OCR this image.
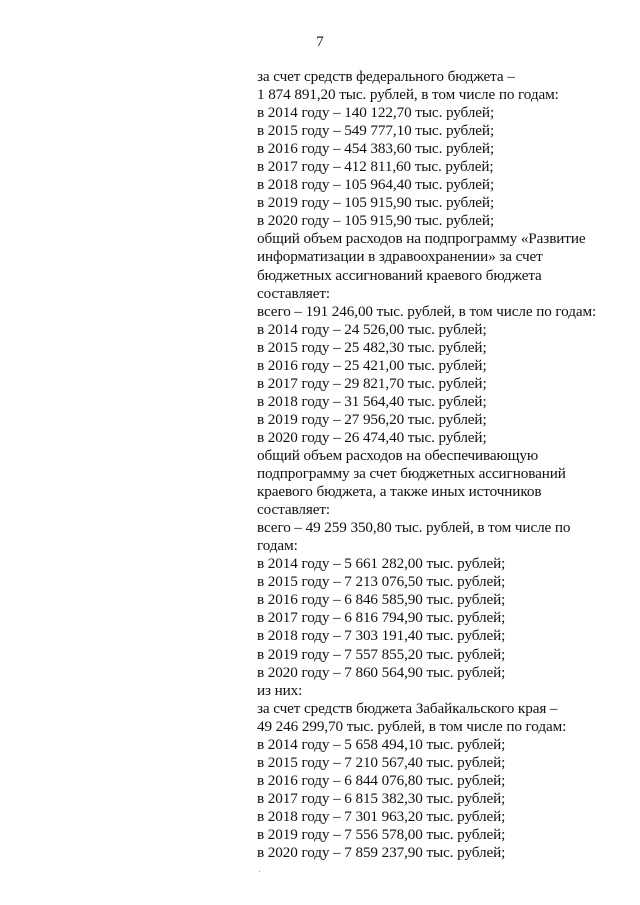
7
за счет средств федерального бюджета –
1 874 891,20 тыс. рублей, в том числе по годам:
в 2014 году – 140 122,70 тыс. рублей;
в 2015 году – 549 777,10 тыс. рублей;
в 2016 году – 454 383,60 тыс. рублей;
в 2017 году – 412 811,60 тыс. рублей;
в 2018 году – 105 964,40 тыс. рублей;
в 2019 году – 105 915,90 тыс. рублей;
в 2020 году – 105 915,90 тыс. рублей;
общий объем расходов на подпрограмму «Развитие
информатизации в здравоохранении» за счет
бюджетных ассигнований краевого бюджета
составляет:
всего – 191 246,00 тыс. рублей, в том числе по годам:
в 2014 году – 24 526,00 тыс. рублей;
в 2015 году – 25 482,30 тыс. рублей;
в 2016 году – 25 421,00 тыс. рублей;
в 2017 году – 29 821,70 тыс. рублей;
в 2018 году – 31 564,40 тыс. рублей;
в 2019 году – 27 956,20 тыс. рублей;
в 2020 году – 26 474,40 тыс. рублей;
общий объем расходов на обеспечивающую
подпрограмму за счет бюджетных ассигнований
краевого бюджета, а также иных источников
составляет:
всего – 49 259 350,80 тыс. рублей, в том числе по
годам:
в 2014 году – 5 661 282,00 тыс. рублей;
в 2015 году – 7 213 076,50 тыс. рублей;
в 2016 году – 6 846 585,90 тыс. рублей;
в 2017 году – 6 816 794,90 тыс. рублей;
в 2018 году – 7 303 191,40 тыс. рублей;
в 2019 году – 7 557 855,20 тыс. рублей;
в 2020 году – 7 860 564,90 тыс. рублей;
из них:
за счет средств бюджета Забайкальского края –
49 246 299,70 тыс. рублей, в том числе по годам:
в 2014 году – 5 658 494,10 тыс. рублей;
в 2015 году – 7 210 567,40 тыс. рублей;
в 2016 году – 6 844 076,80 тыс. рублей;
в 2017 году – 6 815 382,30 тыс. рублей;
в 2018 году – 7 301 963,20 тыс. рублей;
в 2019 году – 7 556 578,00 тыс. рублей;
в 2020 году – 7 859 237,90 тыс. рублей;
